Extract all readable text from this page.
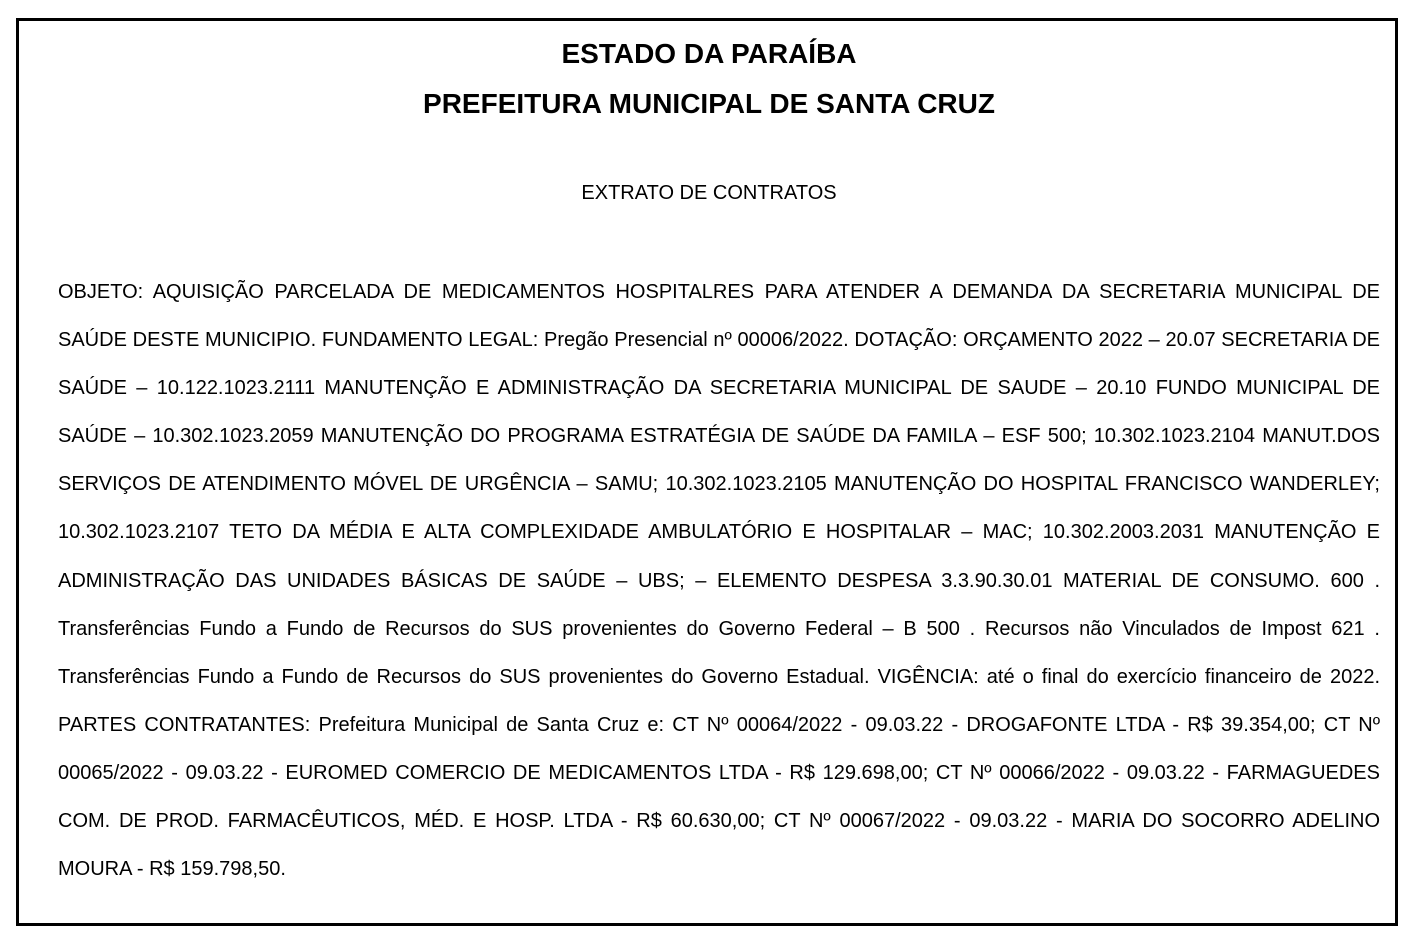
ESTADO DA PARAÍBA
PREFEITURA MUNICIPAL DE SANTA CRUZ
EXTRATO DE CONTRATOS

OBJETO: AQUISIÇÃO PARCELADA DE MEDICAMENTOS HOSPITALRES PARA ATENDER A DEMANDA DA SECRETARIA MUNICIPAL DE SAÚDE DESTE MUNICIPIO. FUNDAMENTO LEGAL: Pregão Presencial nº 00006/2022. DOTAÇÃO: ORÇAMENTO 2022 – 20.07 SECRETARIA DE SAÚDE – 10.122.1023.2111 MANUTENÇÃO E ADMINISTRAÇÃO DA SECRETARIA MUNICIPAL DE SAUDE – 20.10 FUNDO MUNICIPAL DE SAÚDE – 10.302.1023.2059 MANUTENÇÃO DO PROGRAMA ESTRATÉGIA DE SAÚDE DA FAMILA – ESF 500; 10.302.1023.2104 MANUT.DOS SERVIÇOS DE ATENDIMENTO MÓVEL DE URGÊNCIA – SAMU; 10.302.1023.2105 MANUTENÇÃO DO HOSPITAL FRANCISCO WANDERLEY; 10.302.1023.2107 TETO DA MÉDIA E ALTA COMPLEXIDADE AMBULATÓRIO E HOSPITALAR – MAC; 10.302.2003.2031 MANUTENÇÃO E ADMINISTRAÇÃO DAS UNIDADES BÁSICAS DE SAÚDE – UBS; – ELEMENTO DESPESA 3.3.90.30.01 MATERIAL DE CONSUMO. 600 . Transferências Fundo a Fundo de Recursos do SUS provenientes do Governo Federal – B 500 . Recursos não Vinculados de Impost 621 . Transferências Fundo a Fundo de Recursos do SUS provenientes do Governo Estadual. VIGÊNCIA: até o final do exercício financeiro de 2022. PARTES CONTRATANTES: Prefeitura Municipal de Santa Cruz e: CT Nº 00064/2022 - 09.03.22 - DROGAFONTE LTDA - R$ 39.354,00; CT Nº 00065/2022 - 09.03.22 - EUROMED COMERCIO DE MEDICAMENTOS LTDA - R$ 129.698,00; CT Nº 00066/2022 - 09.03.22 - FARMAGUEDES COM. DE PROD. FARMACÊUTICOS, MÉD. E HOSP. LTDA - R$ 60.630,00; CT Nº 00067/2022 - 09.03.22 - MARIA DO SOCORRO ADELINO MOURA - R$ 159.798,50.
